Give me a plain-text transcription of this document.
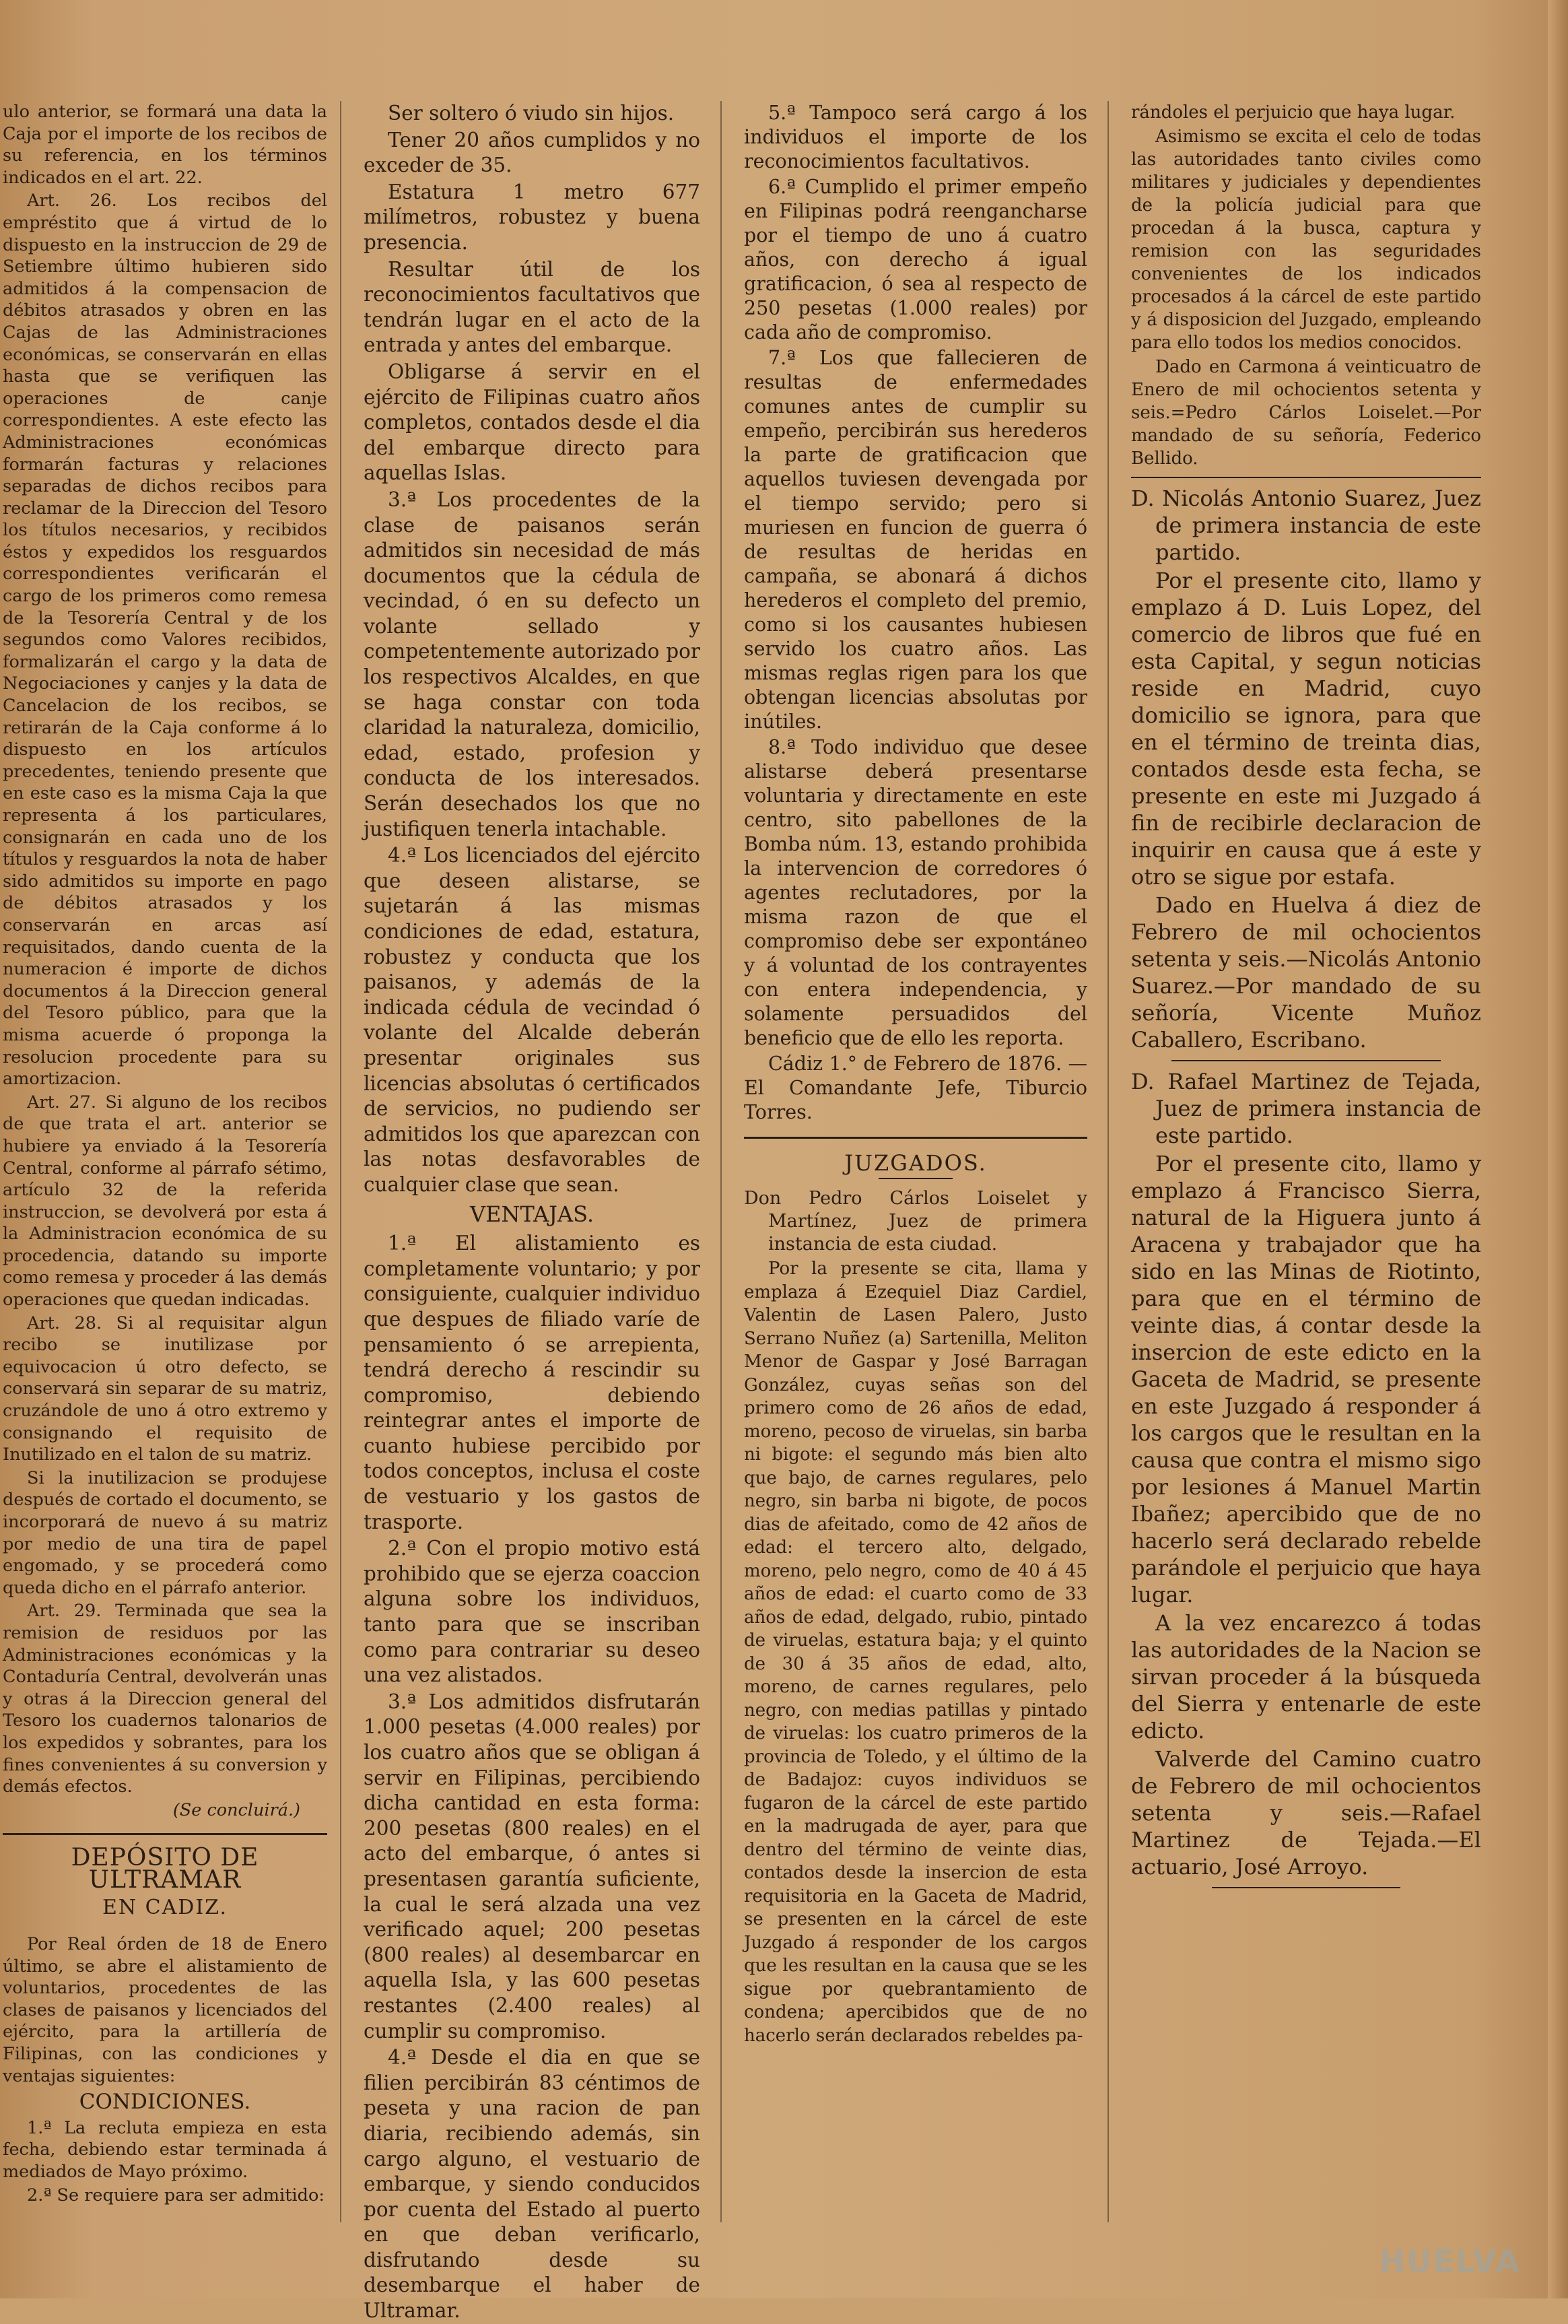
ulo anterior, se formará una data la Caja por el importe de los recibos de su referencia, en los términos indicados en el art. 22.

Art. 26. Los recibos del empréstito que á virtud de lo dispuesto en la instruccion de 29 de Setiembre último hubieren sido admitidos á la compensacion de débitos atrasados y obren en las Cajas de las Administraciones económicas, se conservarán en ellas hasta que se verifiquen las operaciones de canje correspondientes. A este efecto las Administraciones económicas formarán facturas y relaciones separadas de dichos recibos para reclamar de la Direccion del Tesoro los títulos necesarios, y recibidos éstos y expedidos los resguardos correspondientes verificarán el cargo de los primeros como remesa de la Tesorería Central y de los segundos como Valores recibidos, formalizarán el cargo y la data de Negociaciones y canjes y la data de Cancelacion de los recibos, se retirarán de la Caja conforme á lo dispuesto en los artículos precedentes, teniendo presente que en este caso es la misma Caja la que representa á los particulares, consignarán en cada uno de los títulos y resguardos la nota de haber sido admitidos su importe en pago de débitos atrasados y los conservarán en arcas así requisitados, dando cuenta de la numeracion é importe de dichos documentos á la Direccion general del Tesoro público, para que la misma acuerde ó proponga la resolucion procedente para su amortizacion.

Art. 27. Si alguno de los recibos de que trata el art. anterior se hubiere ya enviado á la Tesorería Central, conforme al párrafo sétimo, artículo 32 de la referida instruccion, se devolverá por esta á la Administracion económica de su procedencia, datando su importe como remesa y proceder á las demás operaciones que quedan indicadas.

Art. 28. Si al requisitar algun recibo se inutilizase por equivocacion ú otro defecto, se conservará sin separar de su matriz, cruzándole de uno á otro extremo y consignando el requisito de Inutilizado en el talon de su matriz.

Si la inutilizacion se produjese después de cortado el documento, se incorporará de nuevo á su matriz por medio de una tira de papel engomado, y se procederá como queda dicho en el párrafo anterior.

Art. 29. Terminada que sea la remision de residuos por las Administraciones económicas y la Contaduría Central, devolverán unas y otras á la Direccion general del Tesoro los cuadernos talonarios de los expedidos y sobrantes, para los fines convenientes á su conversion y demás efectos.

(Se concluirá.)

DEPÓSITO DE ULTRAMAR

EN CADIZ.

Por Real órden de 18 de Enero último, se abre el alistamiento de voluntarios, procedentes de las clases de paisanos y licenciados del ejército, para la artillería de Filipinas, con las condiciones y ventajas siguientes:

CONDICIONES.

1.ª La recluta empieza en esta fecha, debiendo estar terminada á mediados de Mayo próximo.

2.ª Se requiere para ser admitido:

Ser soltero ó viudo sin hijos.

Tener 20 años cumplidos y no exceder de 35.

Estatura 1 metro 677 milímetros, robustez y buena presencia.

Resultar útil de los reconocimientos facultativos que tendrán lugar en el acto de la entrada y antes del embarque.

Obligarse á servir en el ejército de Filipinas cuatro años completos, contados desde el dia del embarque directo para aquellas Islas.

3.ª Los procedentes de la clase de paisanos serán admitidos sin necesidad de más documentos que la cédula de vecindad, ó en su defecto un volante sellado y competentemente autorizado por los respectivos Alcaldes, en que se haga constar con toda claridad la naturaleza, domicilio, edad, estado, profesion y conducta de los interesados. Serán desechados los que no justifiquen tenerla intachable.

4.ª Los licenciados del ejército que deseen alistarse, se sujetarán á las mismas condiciones de edad, estatura, robustez y conducta que los paisanos, y además de la indicada cédula de vecindad ó volante del Alcalde deberán presentar originales sus licencias absolutas ó certificados de servicios, no pudiendo ser admitidos los que aparezcan con las notas desfavorables de cualquier clase que sean.

VENTAJAS.

1.ª El alistamiento es completamente voluntario; y por consiguiente, cualquier individuo que despues de filiado varíe de pensamiento ó se arrepienta, tendrá derecho á rescindir su compromiso, debiendo reintegrar antes el importe de cuanto hubiese percibido por todos conceptos, inclusa el coste de vestuario y los gastos de trasporte.

2.ª Con el propio motivo está prohibido que se ejerza coaccion alguna sobre los individuos, tanto para que se inscriban como para contrariar su deseo una vez alistados.

3.ª Los admitidos disfrutarán 1.000 pesetas (4.000 reales) por los cuatro años que se obligan á servir en Filipinas, percibiendo dicha cantidad en esta forma: 200 pesetas (800 reales) en el acto del embarque, ó antes si presentasen garantía suficiente, la cual le será alzada una vez verificado aquel; 200 pesetas (800 reales) al desembarcar en aquella Isla, y las 600 pesetas restantes (2.400 reales) al cumplir su compromiso.

4.ª Desde el dia en que se filien percibirán 83 céntimos de peseta y una racion de pan diaria, recibiendo además, sin cargo alguno, el vestuario de embarque, y siendo conducidos por cuenta del Estado al puerto en que deban verificarlo, disfrutando desde su desembarque el haber de Ultramar.

5.ª Tampoco será cargo á los individuos el importe de los reconocimientos facultativos.

6.ª Cumplido el primer empeño en Filipinas podrá reengancharse por el tiempo de uno á cuatro años, con derecho á igual gratificacion, ó sea al respecto de 250 pesetas (1.000 reales) por cada año de compromiso.

7.ª Los que fallecieren de resultas de enfermedades comunes antes de cumplir su empeño, percibirán sus herederos la parte de gratificacion que aquellos tuviesen devengada por el tiempo servido; pero si muriesen en funcion de guerra ó de resultas de heridas en campaña, se abonará á dichos herederos el completo del premio, como si los causantes hubiesen servido los cuatro años. Las mismas reglas rigen para los que obtengan licencias absolutas por inútiles.

8.ª Todo individuo que desee alistarse deberá presentarse voluntaria y directamente en este centro, sito pabellones de la Bomba núm. 13, estando prohibida la intervencion de corredores ó agentes reclutadores, por la misma razon de que el compromiso debe ser expontáneo y á voluntad de los contrayentes con entera independencia, y solamente persuadidos del beneficio que de ello les reporta.

Cádiz 1.° de Febrero de 1876. —El Comandante Jefe, Tiburcio Torres.

JUZGADOS.

Don Pedro Cárlos Loiselet y Martínez, Juez de primera instancia de esta ciudad.

Por la presente se cita, llama y emplaza á Ezequiel Diaz Cardiel, Valentin de Lasen Palero, Justo Serrano Nuñez (a) Sartenilla, Meliton Menor de Gaspar y José Barragan González, cuyas señas son del primero como de 26 años de edad, moreno, pecoso de viruelas, sin barba ni bigote: el segundo más bien alto que bajo, de carnes regulares, pelo negro, sin barba ni bigote, de pocos dias de afeitado, como de 42 años de edad: el tercero alto, delgado, moreno, pelo negro, como de 40 á 45 años de edad: el cuarto como de 33 años de edad, delgado, rubio, pintado de viruelas, estatura baja; y el quinto de 30 á 35 años de edad, alto, moreno, de carnes regulares, pelo negro, con medias patillas y pintado de viruelas: los cuatro primeros de la provincia de Toledo, y el último de la de Badajoz: cuyos individuos se fugaron de la cárcel de este partido en la madrugada de ayer, para que dentro del término de veinte dias, contados desde la insercion de esta requisitoria en la Gaceta de Madrid, se presenten en la cárcel de este Juzgado á responder de los cargos que les resultan en la causa que se les sigue por quebrantamiento de condena; apercibidos que de no hacerlo serán declarados rebeldes pa-

rándoles el perjuicio que haya lugar.

Asimismo se excita el celo de todas las autoridades tanto civiles como militares y judiciales y dependientes de la policía judicial para que procedan á la busca, captura y remision con las seguridades convenientes de los indicados procesados á la cárcel de este partido y á disposicion del Juzgado, empleando para ello todos los medios conocidos.

Dado en Carmona á veinticuatro de Enero de mil ochocientos setenta y seis.=Pedro Cárlos Loiselet.—Por mandado de su señoría, Federico Bellido.

D. Nicolás Antonio Suarez, Juez de primera instancia de este partido.

Por el presente cito, llamo y emplazo á D. Luis Lopez, del comercio de libros que fué en esta Capital, y segun noticias reside en Madrid, cuyo domicilio se ignora, para que en el término de treinta dias, contados desde esta fecha, se presente en este mi Juzgado á fin de recibirle declaracion de inquirir en causa que á este y otro se sigue por estafa.

Dado en Huelva á diez de Febrero de mil ochocientos setenta y seis.—Nicolás Antonio Suarez.—Por mandado de su señoría, Vicente Muñoz Caballero, Escribano.

D. Rafael Martinez de Tejada, Juez de primera instancia de este partido.

Por el presente cito, llamo y emplazo á Francisco Sierra, natural de la Higuera junto á Aracena y trabajador que ha sido en las Minas de Riotinto, para que en el término de veinte dias, á contar desde la insercion de este edicto en la Gaceta de Madrid, se presente en este Juzgado á responder á los cargos que le resultan en la causa que contra el mismo sigo por lesiones á Manuel Martin Ibañez; apercibido que de no hacerlo será declarado rebelde parándole el perjuicio que haya lugar.

A la vez encarezco á todas las autoridades de la Nacion se sirvan proceder á la búsqueda del Sierra y entenarle de este edicto.

Valverde del Camino cuatro de Febrero de mil ochocientos setenta y seis.—Rafael Martinez de Tejada.—El actuario, José Arroyo.

HUELVA
